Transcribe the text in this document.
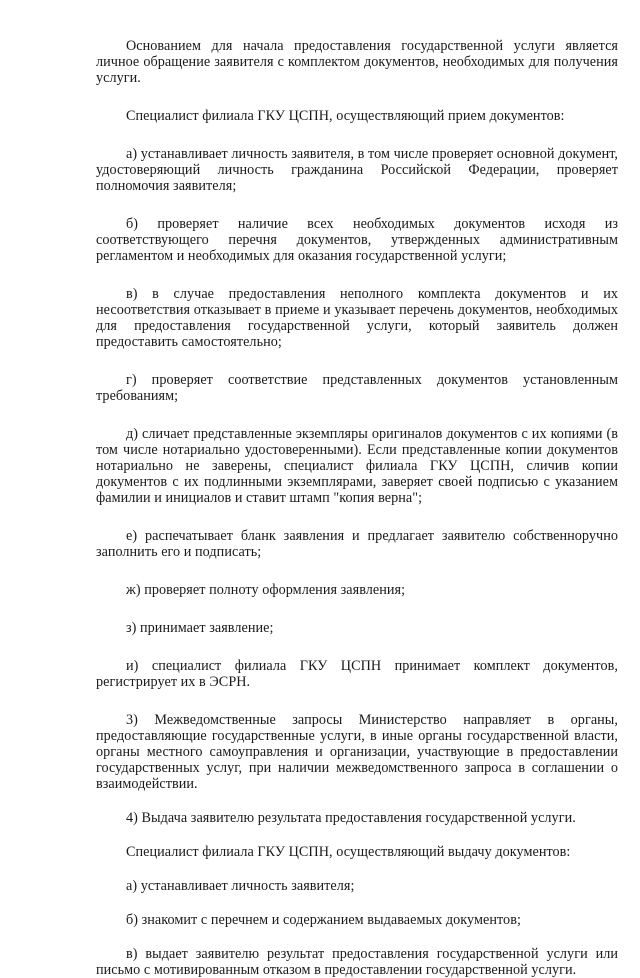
Основанием для начала предоставления государственной услуги является личное обращение заявителя с комплектом документов, необходимых для получения услуги.

Специалист филиала ГКУ ЦСПН, осуществляющий прием документов:

а) устанавливает личность заявителя, в том числе проверяет основной документ, удостоверяющий личность гражданина Российской Федерации, проверяет полномочия заявителя;

б) проверяет наличие всех необходимых документов исходя из соответствующего перечня документов, утвержденных административным регламентом и необходимых для оказания государственной услуги;

в) в случае предоставления неполного комплекта документов и их несоответствия отказывает в приеме и указывает перечень документов, необходимых для предоставления государственной услуги, который заявитель должен предоставить самостоятельно;

г) проверяет соответствие представленных документов установленным требованиям;

д) сличает представленные экземпляры оригиналов документов с их копиями (в том числе нотариально удостоверенными). Если представленные копии документов нотариально не заверены, специалист филиала ГКУ ЦСПН, сличив копии документов с их подлинными экземплярами, заверяет своей подписью с указанием фамилии и инициалов и ставит штамп "копия верна";

е) распечатывает бланк заявления и предлагает заявителю собственноручно заполнить его и подписать;

ж) проверяет полноту оформления заявления;

з) принимает заявление;

и) специалист филиала ГКУ ЦСПН принимает комплект документов, регистрирует их в ЭСРН.

3) Межведомственные запросы Министерство направляет в органы, предоставляющие государственные услуги, в иные органы государственной власти, органы местного самоуправления и организации, участвующие в предоставлении государственных услуг, при наличии межведомственного запроса в соглашении о взаимодействии.

4) Выдача заявителю результата предоставления государственной услуги.

Специалист филиала ГКУ ЦСПН, осуществляющий выдачу документов:

а) устанавливает личность заявителя;

б) знакомит с перечнем и содержанием выдаваемых документов;

в) выдает заявителю результат предоставления государственной услуги или письмо с мотивированным отказом в предоставлении государственной услуги.
